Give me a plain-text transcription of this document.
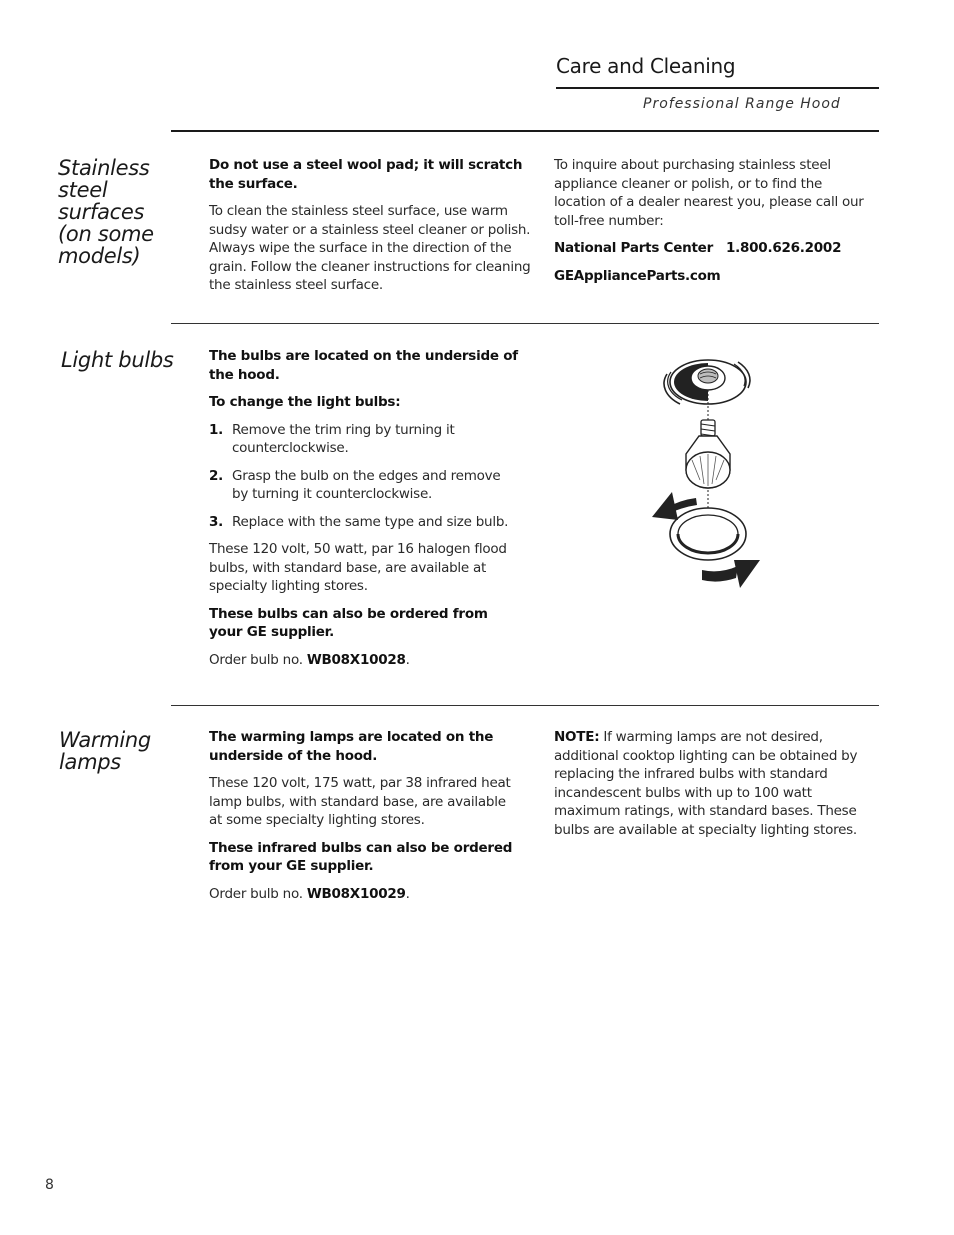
Care and Cleaning
Professional Range Hood
Stainless
steel
surfaces
(on some
models)

Do not use a steel wool pad; it will scratch
the surface.

To clean the stainless steel surface, use warm sudsy water or a stainless steel cleaner or polish. Always wipe the surface in the direction of the grain. Follow the cleaner instructions for cleaning the stainless steel surface.

To inquire about purchasing stainless steel appliance cleaner or polish, or to find the location of a dealer nearest you, please call our toll-free number:

National Parts Center 1.800.626.2002

GEApplianceParts.com

Light bulbs	The bulbs are located on the underside of the hood.

To change the light bulbs:

1. Remove the trim ring by turning it counterclockwise.
2. Grasp the bulb on the edges and remove by turning it counterclockwise.
3. Replace with the same type and size bulb.

These 120 volt, 50 watt, par 16 halogen flood bulbs, with standard base, are available at specialty lighting stores.

These bulbs can also be ordered from your GE supplier.

Order bulb no. WB08X10028.

Warming
lamps

The warming lamps are located on the underside of the hood.

These 120 volt, 175 watt, par 38 infrared heat lamp bulbs, with standard base, are available at some specialty lighting stores.

These infrared bulbs can also be ordered from your GE supplier.

Order bulb no. WB08X10029.

NOTE: If warming lamps are not desired, additional cooktop lighting can be obtained by replacing the infrared bulbs with standard incandescent bulbs with up to 100 watt maximum ratings, with standard bases. These bulbs are available at specialty lighting stores.

8
